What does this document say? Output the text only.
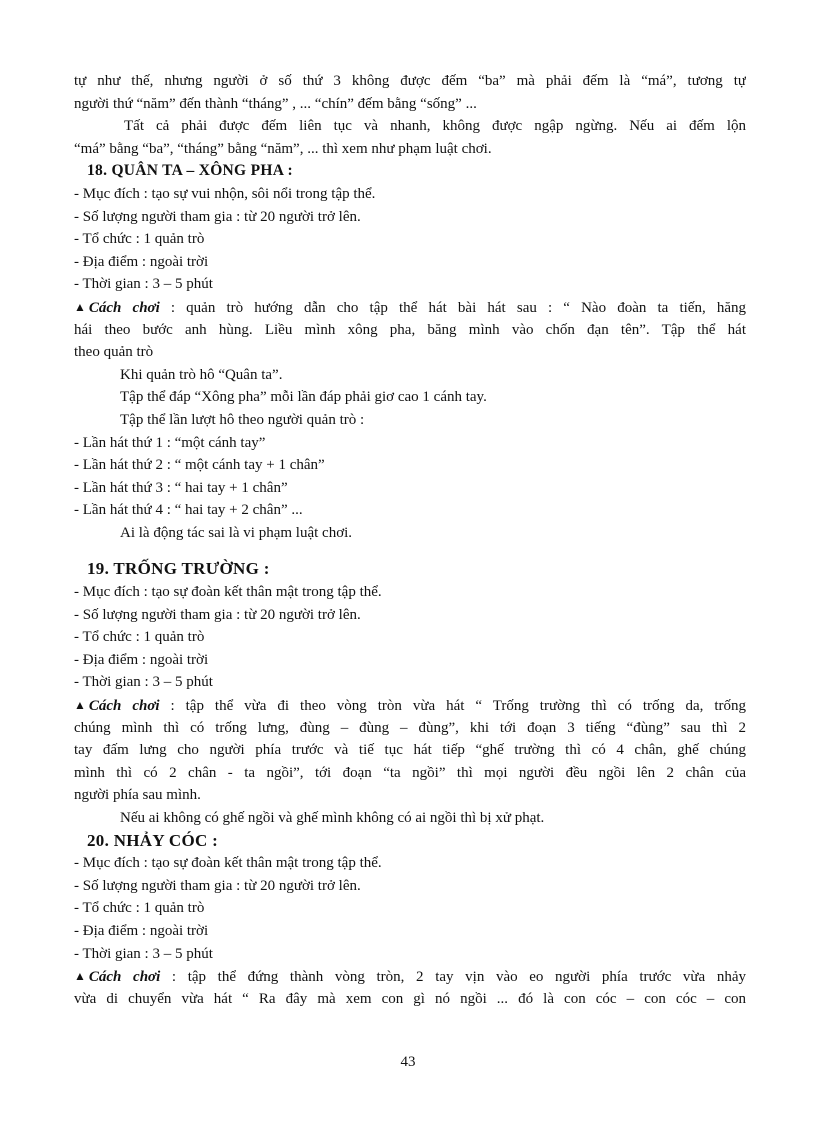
tự như thế, nhưng người ở số thứ 3 không được đếm “ba” mà phải đếm là “má”, tương tự
người thứ “năm” đến thành “tháng” , ... “chín” đếm bằng “sống” ...
Tất cả phải được đếm liên tục và nhanh, không được ngập ngừng. Nếu ai đếm lộn
“má” bằng “ba”, “tháng” bằng “năm”, ... thì xem như phạm luật chơi.
18. QUÂN TA – XÔNG PHA :
- Mục đích : tạo sự vui nhộn, sôi nổi trong tập thể.
- Số lượng người tham gia : từ 20 người trở lên.
- Tổ chức : 1 quản trò
- Địa điểm : ngoài trời
- Thời gian : 3 – 5 phút
▲ Cách chơi : quản trò hướng dẫn cho tập thể hát bài hát sau : “ Nào đoàn ta tiến, hăng
hái theo bước anh hùng. Liều mình xông pha, băng mình vào chốn đạn tên”. Tập thể hát
theo quản trò
Khi quản trò hô “Quân ta”.
Tập thể đáp “Xông pha” mỗi lần đáp phải giơ cao 1 cánh tay.
Tập thể lần lượt hô theo người quản trò :
- Lần hát thứ 1 : “một cánh tay”
- Lần hát thứ 2 : “ một cánh tay + 1 chân”
- Lần hát thứ 3 : “ hai tay + 1 chân”
- Lần hát thứ 4 : “ hai tay + 2 chân” ...
Ai là động tác sai là vi phạm luật chơi.
19. TRỐNG TRƯỜNG :
- Mục đích : tạo sự đoàn kết thân mật trong tập thể.
- Số lượng người tham gia : từ 20 người trở lên.
- Tổ chức : 1 quản trò
- Địa điểm : ngoài trời
- Thời gian : 3 – 5 phút
▲ Cách chơi : tập thể vừa đi theo vòng tròn vừa hát “ Trống trường thì có trống da, trống
chúng mình thì có trống lưng, đùng – đùng – đùng”, khi tới đoạn 3 tiếng “đùng” sau thì 2
tay đấm lưng cho người phía trước và tiế tục hát tiếp “ghế trường thì có 4 chân, ghế chúng
mình thì có 2 chân - ta ngồi”, tới đoạn “ta ngồi” thì mọi người đều ngồi lên 2 chân của
người phía sau mình.
Nếu ai không có ghế ngồi và ghế mình không có ai ngồi thì bị xử phạt.
20. NHẢY CÓC :
- Mục đích : tạo sự đoàn kết thân mật trong tập thể.
- Số lượng người tham gia : từ 20 người trở lên.
- Tổ chức : 1 quản trò
- Địa điểm : ngoài trời
- Thời gian : 3 – 5 phút
▲ Cách chơi : tập thể đứng thành vòng tròn, 2 tay vịn vào eo người phía trước vừa nhảy
vừa di chuyển vừa hát “ Ra đây mà xem con gì nó ngồi ... đó là con cóc – con cóc – con
43
